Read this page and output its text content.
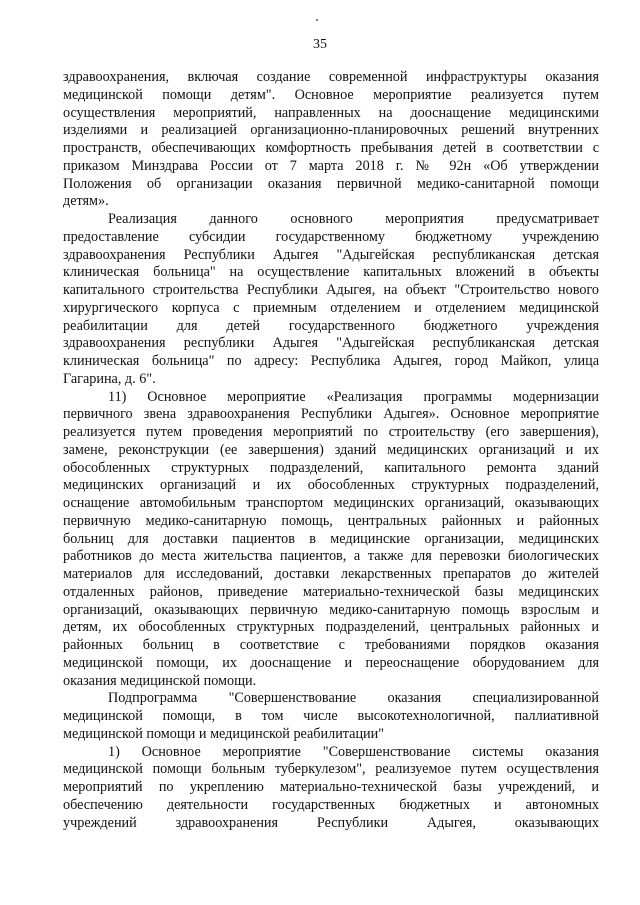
35
здравоохранения, включая создание современной инфраструктуры оказания
медицинской помощи детям". Основное мероприятие реализуется путем
осуществления мероприятий, направленных на дооснащение медицинскими
изделиями и реализацией организационно-планировочных решений внутренних
пространств, обеспечивающих комфортность пребывания детей в соответствии с
приказом Минздрава России от 7 марта 2018 г. № 92н «Об утверждении
Положения об организации оказания первичной медико-санитарной помощи
детям».
Реализация данного основного мероприятия предусматривает
предоставление субсидии государственному бюджетному учреждению
здравоохранения Республики Адыгея "Адыгейская республиканская детская
клиническая больница" на осуществление капитальных вложений в объекты
капитального строительства Республики Адыгея, на объект "Строительство нового
хирургического корпуса с приемным отделением и отделением медицинской
реабилитации для детей государственного бюджетного учреждения
здравоохранения республики Адыгея "Адыгейская республиканская детская
клиническая больница" по адресу: Республика Адыгея, город Майкоп, улица
Гагарина, д. 6".
11) Основное мероприятие «Реализация программы модернизации
первичного звена здравоохранения Республики Адыгея». Основное мероприятие
реализуется путем проведения мероприятий по строительству (его завершения),
замене, реконструкции (ее завершения) зданий медицинских организаций и их
обособленных структурных подразделений, капитального ремонта зданий
медицинских организаций и их обособленных структурных подразделений,
оснащение автомобильным транспортом медицинских организаций, оказывающих
первичную медико-санитарную помощь, центральных районных и районных
больниц для доставки пациентов в медицинские организации, медицинских
работников до места жительства пациентов, а также для перевозки биологических
материалов для исследований, доставки лекарственных препаратов до жителей
отдаленных районов, приведение материально-технической базы медицинских
организаций, оказывающих первичную медико-санитарную помощь взрослым и
детям, их обособленных структурных подразделений, центральных районных и
районных больниц в соответствие с требованиями порядков оказания
медицинской помощи, их дооснащение и переоснащение оборудованием для
оказания медицинской помощи.
Подпрограмма "Совершенствование оказания специализированной
медицинской помощи, в том числе высокотехнологичной, паллиативной
медицинской помощи и медицинской реабилитации"
1) Основное мероприятие "Совершенствование системы оказания
медицинской помощи больным туберкулезом", реализуемое путем осуществления
мероприятий по укреплению материально-технической базы учреждений, и
обеспечению деятельности государственных бюджетных и автономных
учреждений здравоохранения Республики Адыгея, оказывающих
